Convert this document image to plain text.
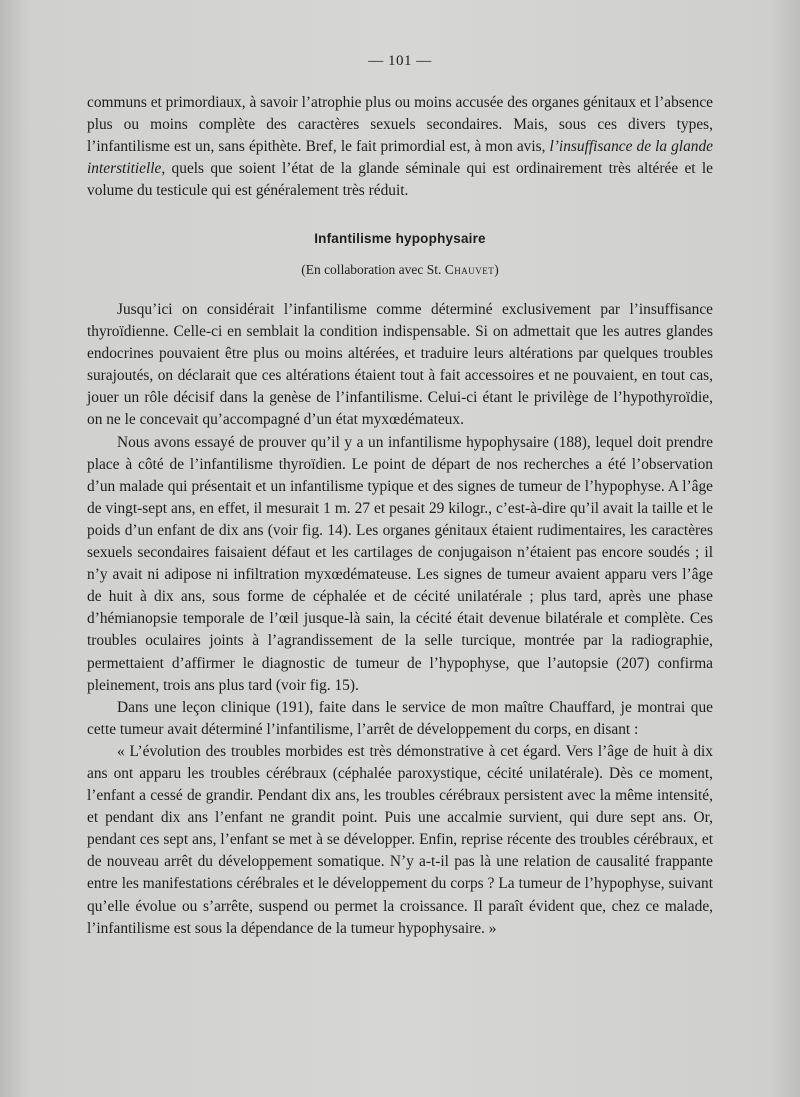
— 101 —

communs et primordiaux, à savoir l’atrophie plus ou moins accusée des organes génitaux et l’absence plus ou moins complète des caractères sexuels secondaires. Mais, sous ces divers types, l’infantilisme est un, sans épithète. Bref, le fait primordial est, à mon avis, l’insuffisance de la glande interstitielle, quels que soient l’état de la glande séminale qui est ordinairement très altérée et le volume du testicule qui est généralement très réduit.

Infantilisme hypophysaire
(En collaboration avec St. Chauvet)

Jusqu’ici on considérait l’infantilisme comme déterminé exclusivement par l’insuffisance thyroïdienne. Celle-ci en semblait la condition indispensable. Si on admettait que les autres glandes endocrines pouvaient être plus ou moins altérées, et traduire leurs altérations par quelques troubles surajoutés, on déclarait que ces altérations étaient tout à fait accessoires et ne pouvaient, en tout cas, jouer un rôle décisif dans la genèse de l’infantilisme. Celui-ci étant le privilège de l’hypothyroïdie, on ne le concevait qu’accompagné d’un état myxœdémateux.

Nous avons essayé de prouver qu’il y a un infantilisme hypophysaire (188), lequel doit prendre place à côté de l’infantilisme thyroïdien. Le point de départ de nos recherches a été l’observation d’un malade qui présentait et un infantilisme typique et des signes de tumeur de l’hypophyse. A l’âge de vingt-sept ans, en effet, il mesurait 1 m. 27 et pesait 29 kilogr., c’est-à-dire qu’il avait la taille et le poids d’un enfant de dix ans (voir fig. 14). Les organes génitaux étaient rudimentaires, les caractères sexuels secondaires faisaient défaut et les cartilages de conjugaison n’étaient pas encore soudés ; il n’y avait ni adipose ni infiltration myxœdémateuse. Les signes de tumeur avaient apparu vers l’âge de huit à dix ans, sous forme de céphalée et de cécité unilatérale ; plus tard, après une phase d’hémianopsie temporale de l’œil jusque-là sain, la cécité était devenue bilatérale et complète. Ces troubles oculaires joints à l’agrandissement de la selle turcique, montrée par la radiographie, permettaient d’affirmer le diagnostic de tumeur de l’hypophyse, que l’autopsie (207) confirma pleinement, trois ans plus tard (voir fig. 15).

Dans une leçon clinique (191), faite dans le service de mon maître Chauffard, je montrai que cette tumeur avait déterminé l’infantilisme, l’arrêt de développement du corps, en disant :

« L’évolution des troubles morbides est très démonstrative à cet égard. Vers l’âge de huit à dix ans ont apparu les troubles cérébraux (céphalée paroxystique, cécité unilatérale). Dès ce moment, l’enfant a cessé de grandir. Pendant dix ans, les troubles cérébraux persistent avec la même intensité, et pendant dix ans l’enfant ne grandit point. Puis une accalmie survient, qui dure sept ans. Or, pendant ces sept ans, l’enfant se met à se développer. Enfin, reprise récente des troubles cérébraux, et de nouveau arrêt du développement somatique. N’y a-t-il pas là une relation de causalité frappante entre les manifestations cérébrales et le développement du corps ? La tumeur de l’hypophyse, suivant qu’elle évolue ou s’arrête, suspend ou permet la croissance. Il paraît évident que, chez ce malade, l’infantilisme est sous la dépendance de la tumeur hypophysaire. »
